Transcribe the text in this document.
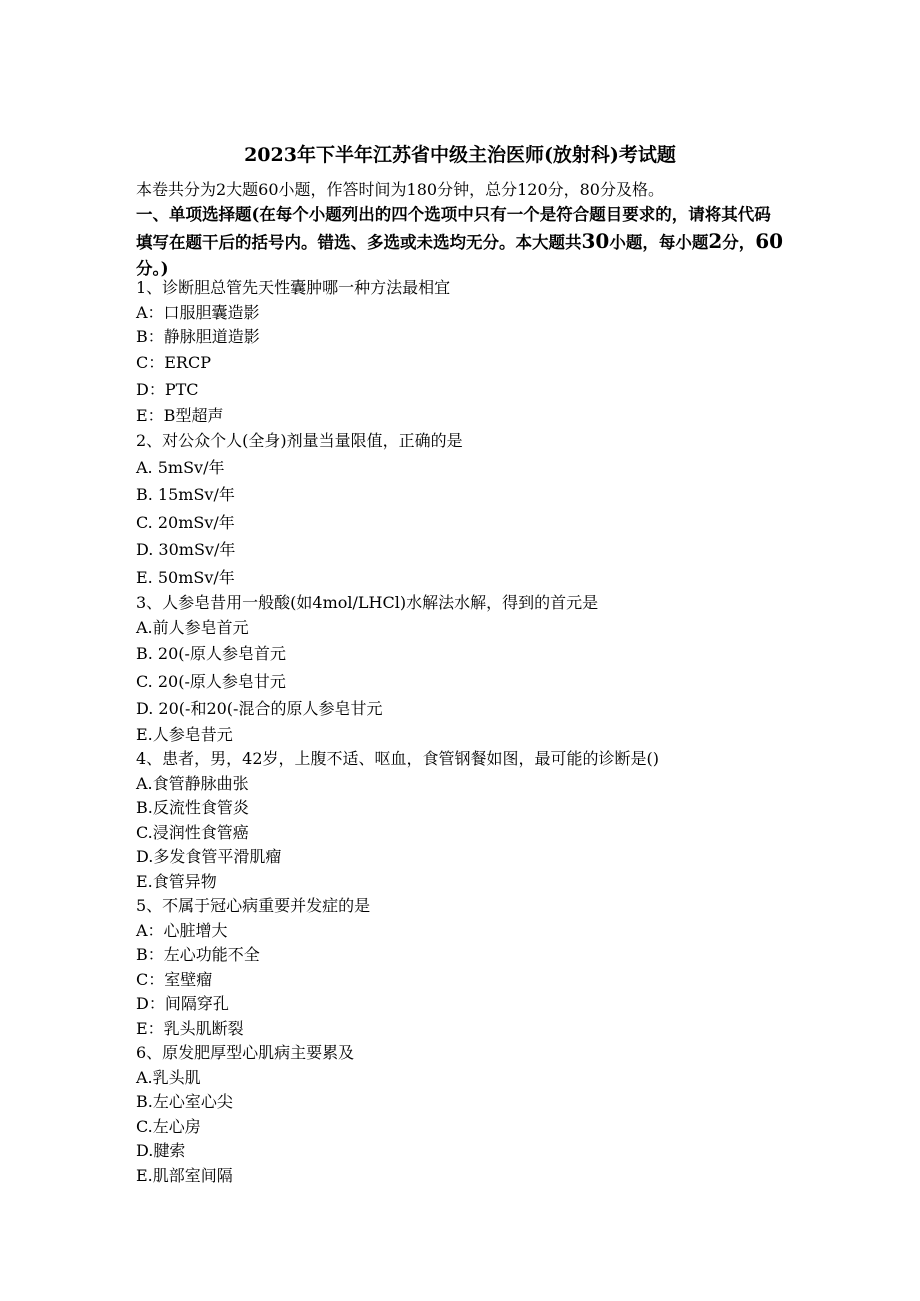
2023年下半年江苏省中级主治医师(放射科)考试题
本卷共分为2大题60小题，作答时间为180分钟，总分120分，80分及格。
一、单项选择题(在每个小题列出的四个选项中只有一个是符合题目要求的，请将其代码填写在题干后的括号内。错选、多选或未选均无分。本大题共30小题，每小题2分，60分。)
1、诊断胆总管先天性囊肿哪一种方法最相宜
A：口服胆囊造影
B：静脉胆道造影
C：ERCP
D：PTC
E：B型超声
2、对公众个人(全身)剂量当量限值，正确的是
A. 5mSv/年
B. 15mSv/年
C. 20mSv/年
D. 30mSv/年
E. 50mSv/年
3、人参皂昔用一般酸(如4mol/LHCl)水解法水解，得到的首元是
A.前人参皂首元
B. 20(-原人参皂首元
C. 20(-原人参皂甘元
D. 20(-和20(-混合的原人参皂甘元
E.人参皂昔元
4、患者，男，42岁，上腹不适、呕血，食管钢餐如图，最可能的诊断是()
A.食管静脉曲张
B.反流性食管炎
C.浸润性食管癌
D.多发食管平滑肌瘤
E.食管异物
5、不属于冠心病重要并发症的是
A：心脏增大
B：左心功能不全
C：室壁瘤
D：间隔穿孔
E：乳头肌断裂
6、原发肥厚型心肌病主要累及
A.乳头肌
B.左心室心尖
C.左心房
D.腱索
E.肌部室间隔
